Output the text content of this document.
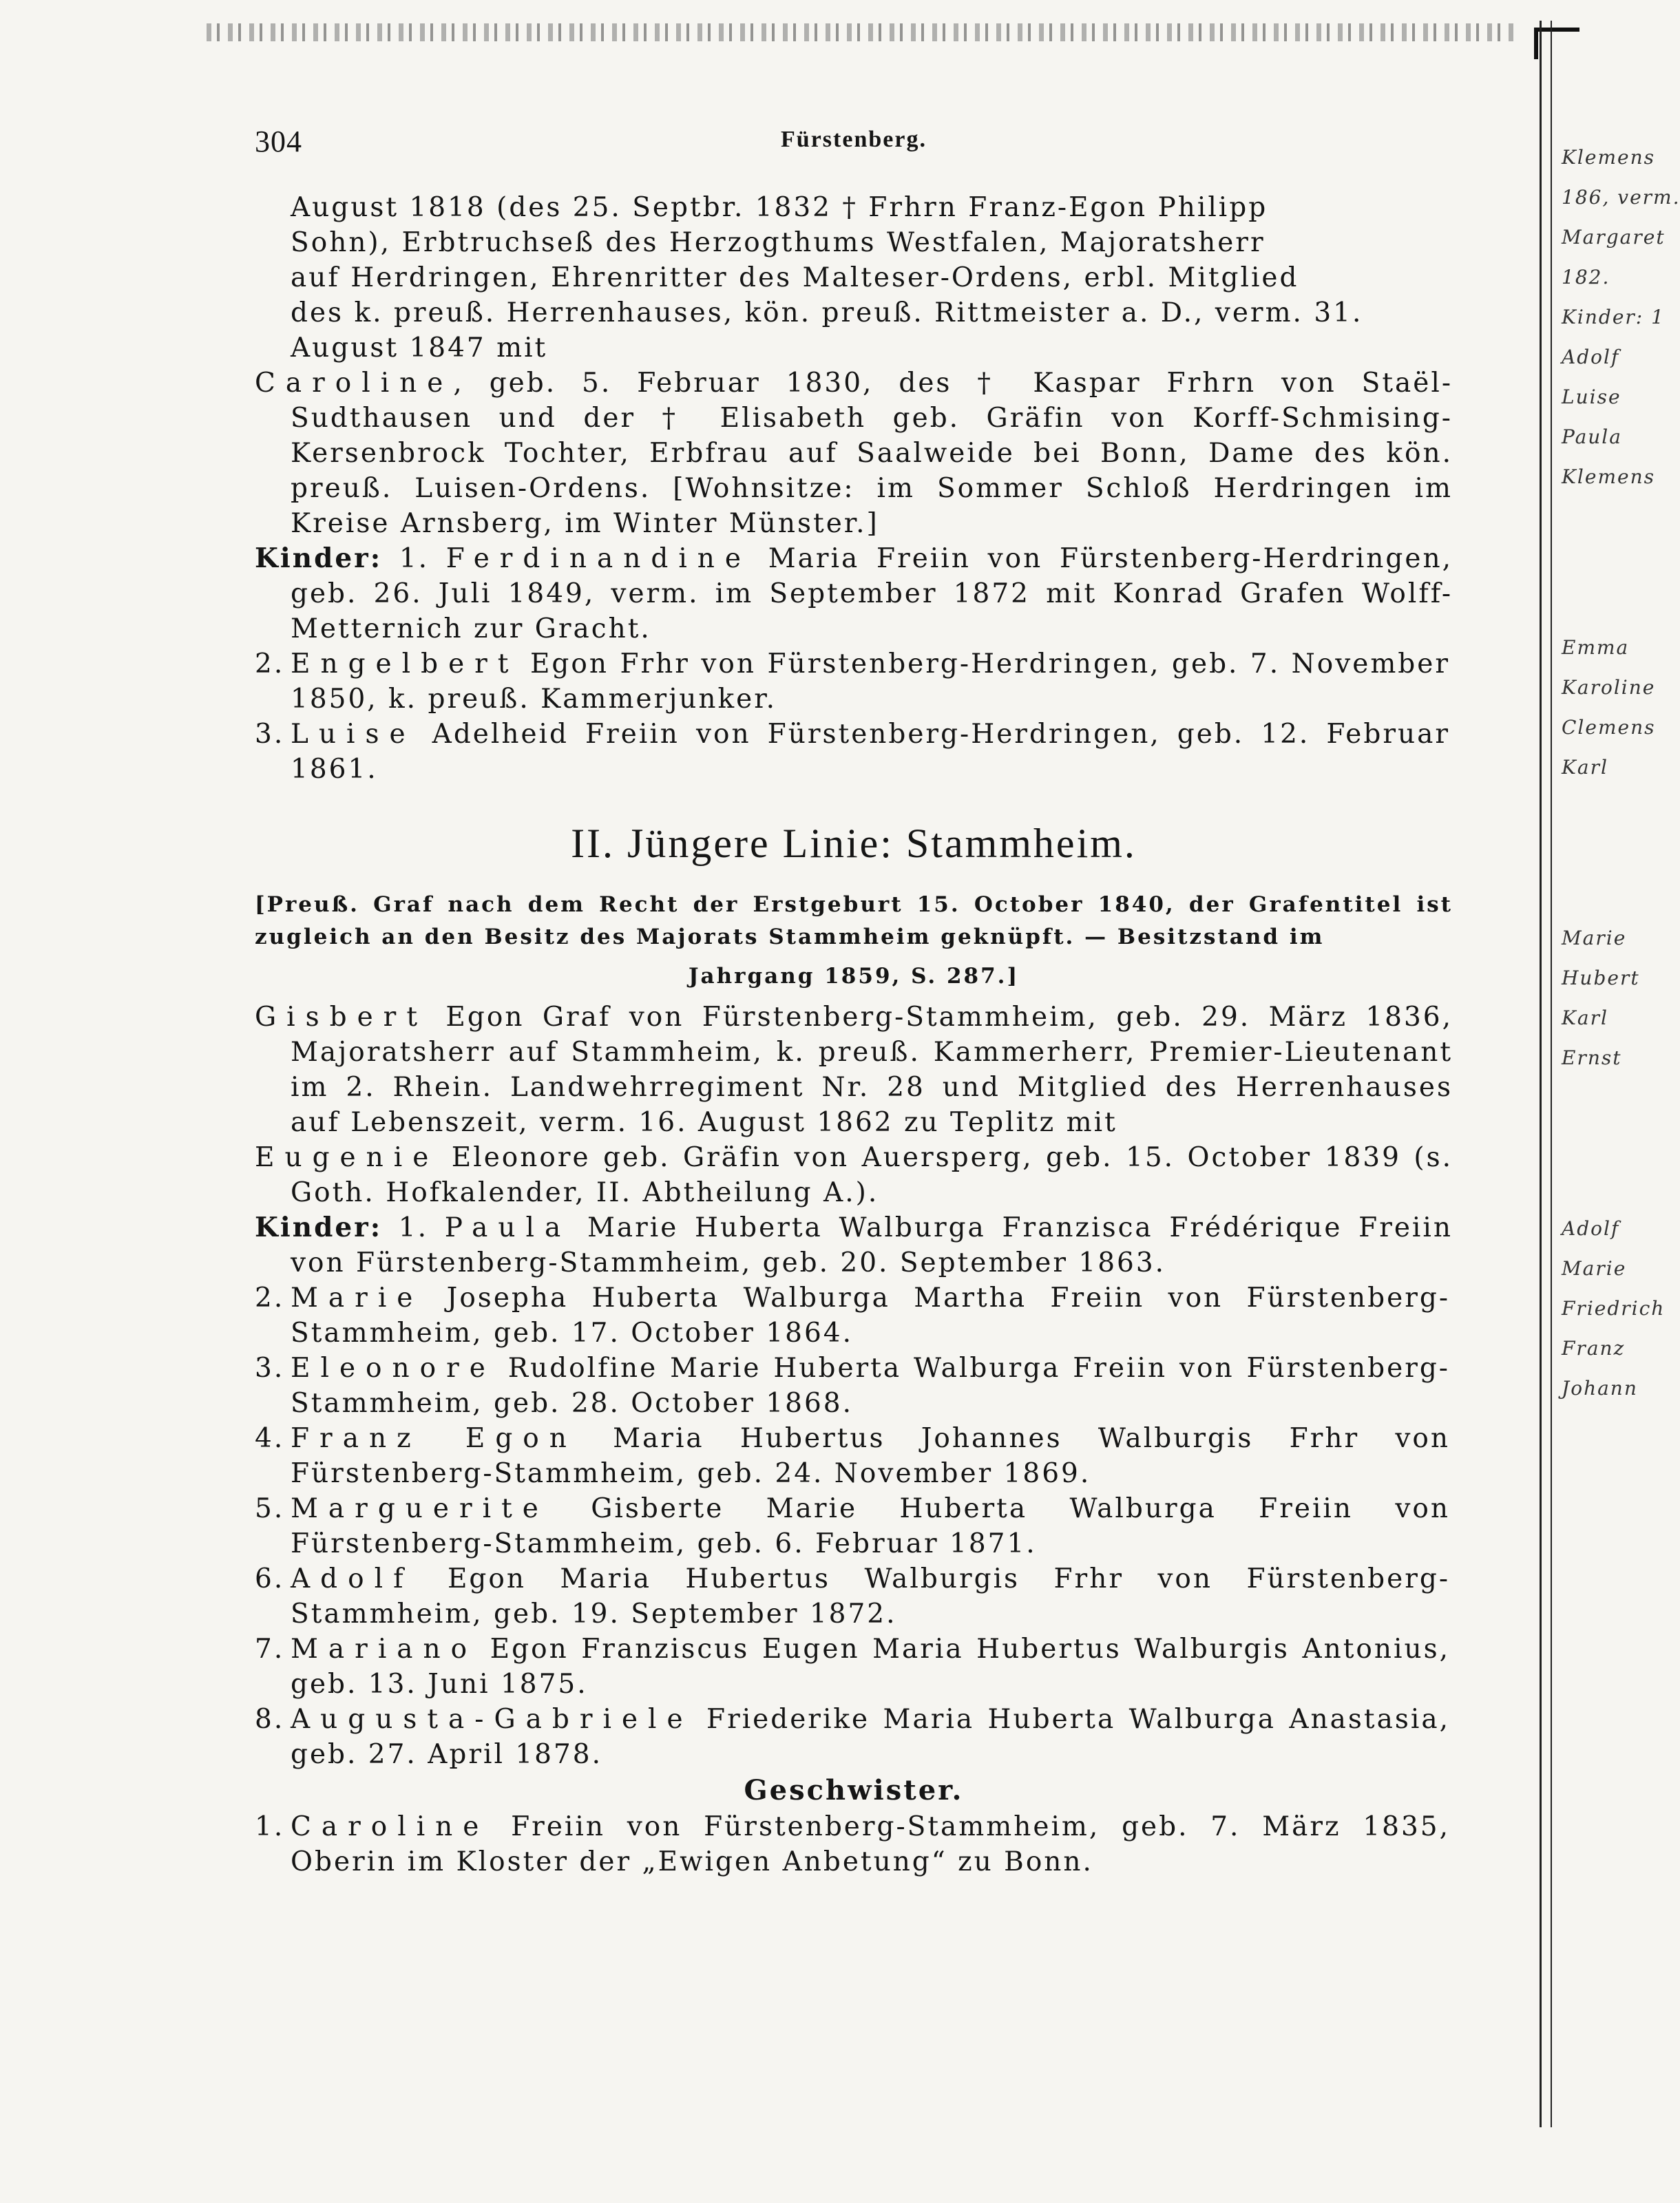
304	Fürstenberg.
August 1818 (des 25. Septbr. 1832 † Frhrn Franz-Egon Philipp
Sohn), Erbtruchseß des Herzogthums Westfalen, Majoratsherr
auf Herdringen, Ehrenritter des Malteser-Ordens, erbl. Mitglied
des k. preuß. Herrenhauses, kön. preuß. Rittmeister a. D., verm. 31.
August 1847 mit

Caroline, geb. 5. Februar 1830, des † Kaspar Frhrn von Staël-Sudthausen und der † Elisabeth geb. Gräfin von Korff-Schmising-Kersenbrock Tochter, Erbfrau auf Saalweide bei Bonn, Dame des kön. preuß. Luisen-Ordens. [Wohnsitze: im Sommer Schloß Herdringen im Kreise Arnsberg, im Winter Münster.]

Kinder: 1. Ferdinandine Maria Freiin von Fürstenberg-Herdringen, geb. 26. Juli 1849, verm. im September 1872 mit Konrad Grafen Wolff-Metternich zur Gracht.

2. Engelbert Egon Frhr von Fürstenberg-Herdringen, geb. 7. November 1850, k. preuß. Kammerjunker.
3. Luise Adelheid Freiin von Fürstenberg-Herdringen, geb. 12. Februar 1861.
II. Jüngere Linie: Stammheim.
[Preuß. Graf nach dem Recht der Erstgeburt 15. October 1840, der Grafentitel ist zugleich an den Besitz des Majorats Stammheim geknüpft. — Besitzstand im
Jahrgang 1859, S. 287.]

Gisbert Egon Graf von Fürstenberg-Stammheim, geb. 29. März 1836, Majoratsherr auf Stammheim, k. preuß. Kammerherr, Premier-Lieutenant im 2. Rhein. Landwehrregiment Nr. 28 und Mitglied des Herrenhauses auf Lebenszeit, verm. 16. August 1862 zu Teplitz mit

Eugenie Eleonore geb. Gräfin von Auersperg, geb. 15. October 1839 (s. Goth. Hofkalender, II. Abtheilung A.).

Kinder: 1. Paula Marie Huberta Walburga Franzisca Frédérique Freiin von Fürstenberg-Stammheim, geb. 20. September 1863.

2. Marie Josepha Huberta Walburga Martha Freiin von Fürstenberg-Stammheim, geb. 17. October 1864.
3. Eleonore Rudolfine Marie Huberta Walburga Freiin von Fürstenberg-Stammheim, geb. 28. October 1868.
4. Franz Egon Maria Hubertus Johannes Walburgis Frhr von Fürstenberg-Stammheim, geb. 24. November 1869.
5. Marguerite Gisberte Marie Huberta Walburga Freiin von Fürstenberg-Stammheim, geb. 6. Februar 1871.
6. Adolf Egon Maria Hubertus Walburgis Frhr von Fürstenberg-Stammheim, geb. 19. September 1872.
7. Mariano Egon Franziscus Eugen Maria Hubertus Walburgis Antonius, geb. 13. Juni 1875.
8. Augusta-Gabriele Friederike Maria Huberta Walburga Anastasia, geb. 27. April 1878.

Geschwister.

1. Caroline Freiin von Fürstenberg-Stammheim, geb. 7. März 1835, Oberin im Kloster der „Ewigen Anbetung“ zu Bonn.
Klemens
186, verm.
Margaret
182.
Kinder: 1
Adolf
Luise
Paula
Klemens
Emma
Karoline
Clemens
Karl
Marie
Hubert
Karl
Ernst
Adolf
Marie
Friedrich
Franz
Johann
